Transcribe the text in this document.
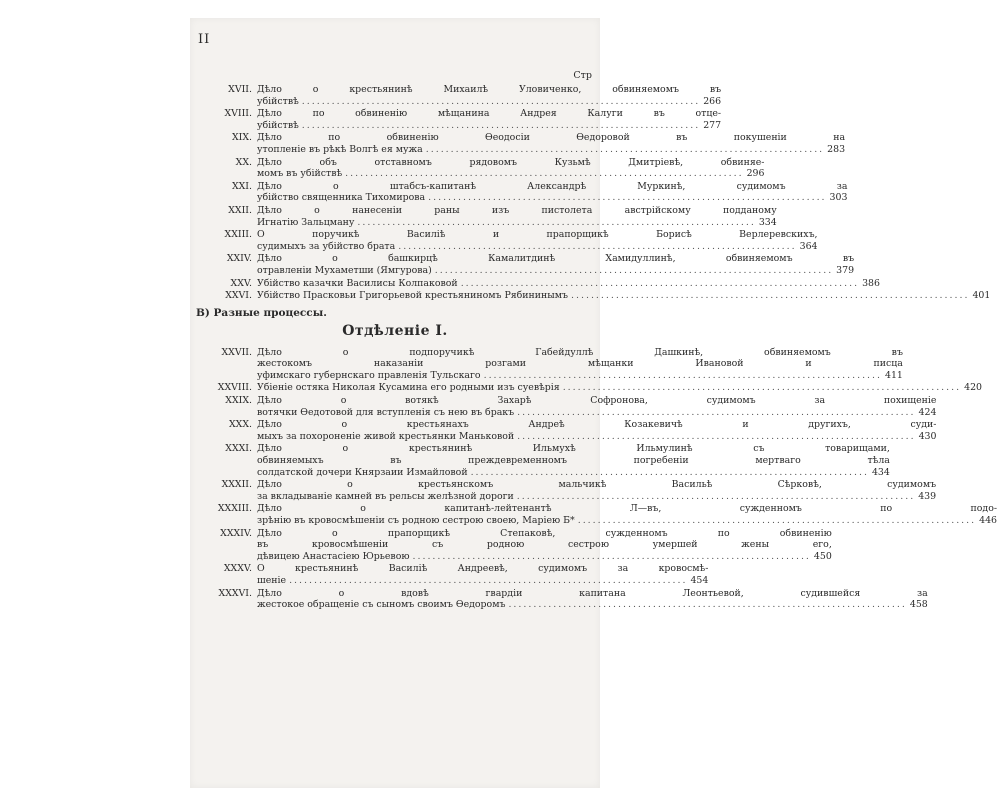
II
Стр
XVII. Дѣло о крестьянинѣ Михаилѣ Уловиченко, обвиняемомъ въ
убійствѣ ................................................................................ 266
XVIII. Дѣло по обвиненію мѣщанина Андрея Калуги въ отце-
убійствѣ ................................................................................ 277
XIX. Дѣло по обвиненію Ѳеодосіи Ѳедоровой въ покушеніи на
утопленіе въ рѣкѣ Волгѣ ея мужа ................................................................................ 283
XX. Дѣло объ отставномъ рядовомъ Кузьмѣ Дмитріевѣ, обвиняе-
момъ въ убійствѣ ................................................................................ 296
XXI. Дѣло о штабсъ-капитанѣ Александрѣ Муркинѣ, судимомъ за
убійство священника Тихомирова ................................................................................ 303
XXII. Дѣло о нанесеніи раны изъ пистолета австрійскому подданому
Игнатію Зальцману ................................................................................ 334
XXIII. О поручикѣ Василіѣ и прапорщикѣ Борисѣ Верлеревскихъ,
судимыхъ за убійство брата ................................................................................ 364
XXIV. Дѣло о башкирцѣ Камалитдинѣ Хамидуллинѣ, обвиняемомъ въ
отравленіи Мухаметши (Ямгурова) ................................................................................ 379
XXV. Убійство казачки Василисы Колпаковой ................................................................................ 386
XXVI. Убійство Прасковьи Григорьевой крестьяниномъ Рябининымъ ................................................................................ 401
В) Разные процессы.
Отдѣленіе I.
XXVII. Дѣло о подпоручикѣ Габейдуллѣ Дашкинѣ, обвиняемомъ въ
жестокомъ наказаніи розгами мѣщанки Ивановой и писца
уфимскаго губернскаго правленія Тульскаго ................................................................................ 411
XXVIII. Убіеніе остяка Николая Кусамина его родными изъ суевѣрія ................................................................................ 420
XXIX. Дѣло о вотякѣ Захарѣ Софронова, судимомъ за похищеніе
вотячки Ѳедотовой для вступленія съ нею въ бракъ ................................................................................ 424
XXX. Дѣло о крестьянахъ Андреѣ Козакевичѣ и другихъ, суди-
мыхъ за похороненіе живой крестьянки Маньковой ................................................................................ 430
XXXI. Дѣло о крестьянинѣ Ильмухѣ Ильмулинѣ съ товарищами,
обвиняемыхъ въ преждевременномъ погребеніи мертваго тѣла
солдатской дочери Княрзаии Измайловой ................................................................................ 434
XXXII. Дѣло о крестьянскомъ мальчикѣ Васильѣ Сѣрковѣ, судимомъ
за вкладываніе камней въ рельсы желѣзной дороги ................................................................................ 439
XXXIII. Дѣло о капитанѣ-лейтенантѣ Л—въ, сужденномъ по подо-
зрѣнію въ кровосмѣшеніи съ родною сестрою своею, Маріею Б* ................................................................................ 446
XXXIV. Дѣло о прапорщикѣ Степаковѣ, сужденномъ по обвиненію
въ кровосмѣшеніи съ родною сестрою умершей жены его,
дѣвицею Анастасіею Юрьевою ................................................................................ 450
XXXV. О крестьянинѣ Василіѣ Андреевѣ, судимомъ за кровосмѣ-
шеніе ................................................................................ 454
XXXVI. Дѣло о вдовѣ гвардіи капитана Леонтьевой, судившейся за
жестокое обращеніе съ сыномъ своимъ Ѳедоромъ ................................................................................ 458
